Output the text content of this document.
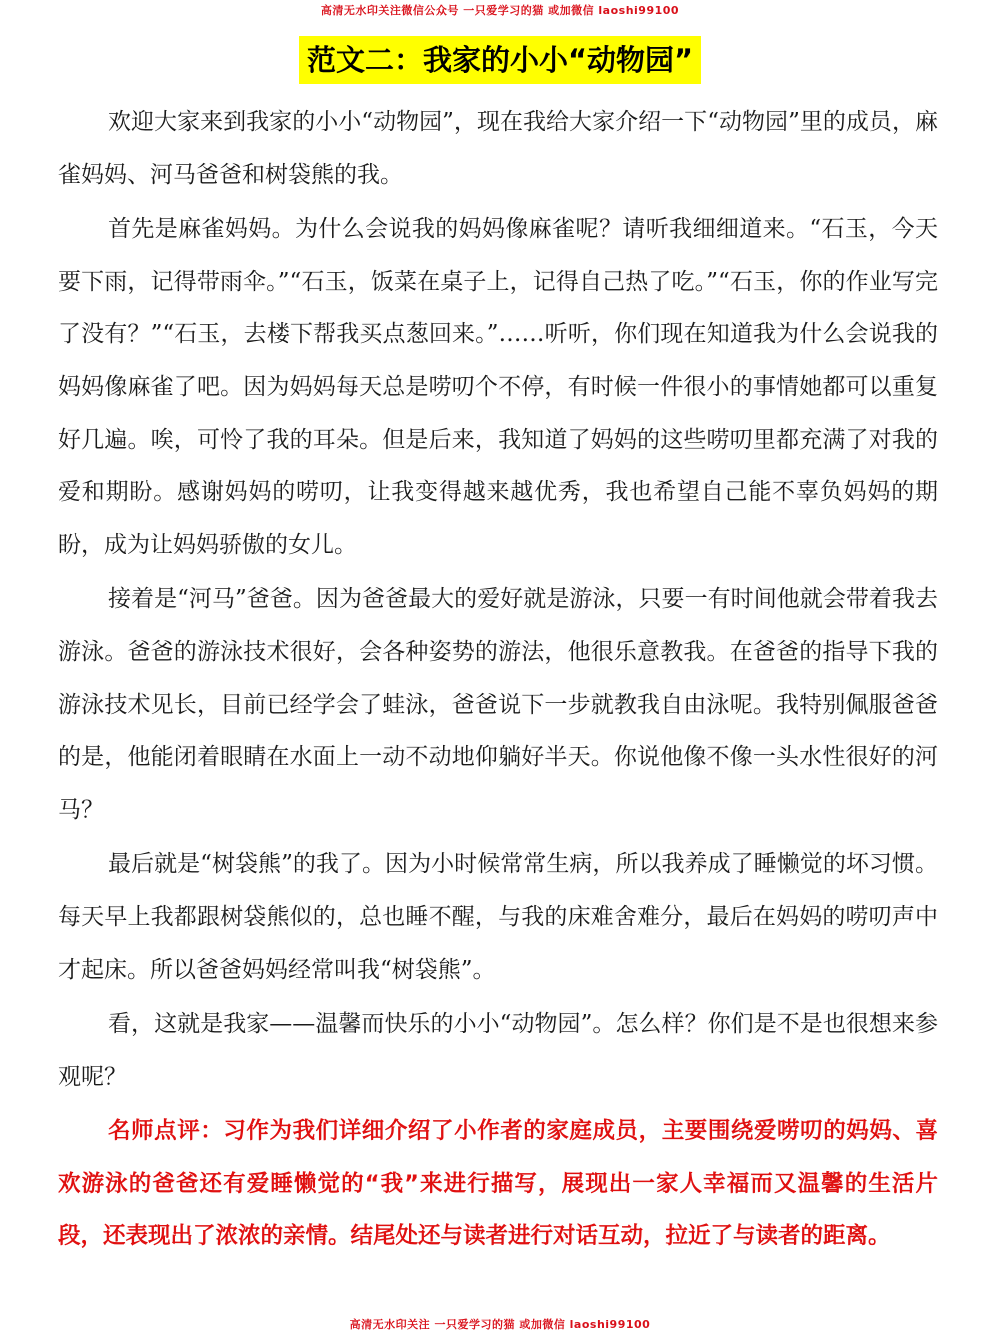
高清无水印关注微信公众号 一只爱学习的猫 或加微信 laoshi99100
范文二：我家的小小“动物园”

欢迎大家来到我家的小小“动物园”，现在我给大家介绍一下“动物园”里的成员，麻雀妈妈、河马爸爸和树袋熊的我。

首先是麻雀妈妈。为什么会说我的妈妈像麻雀呢？请听我细细道来。“石玉，今天要下雨，记得带雨伞。”“石玉，饭菜在桌子上，记得自己热了吃。”“石玉，你的作业写完了没有？”“石玉，去楼下帮我买点葱回来。”……听听，你们现在知道我为什么会说我的妈妈像麻雀了吧。因为妈妈每天总是唠叨个不停，有时候一件很小的事情她都可以重复好几遍。唉，可怜了我的耳朵。但是后来，我知道了妈妈的这些唠叨里都充满了对我的爱和期盼。感谢妈妈的唠叨，让我变得越来越优秀，我也希望自己能不辜负妈妈的期盼，成为让妈妈骄傲的女儿。

接着是“河马”爸爸。因为爸爸最大的爱好就是游泳，只要一有时间他就会带着我去游泳。爸爸的游泳技术很好，会各种姿势的游法，他很乐意教我。在爸爸的指导下我的游泳技术见长，目前已经学会了蛙泳，爸爸说下一步就教我自由泳呢。我特别佩服爸爸的是，他能闭着眼睛在水面上一动不动地仰躺好半天。你说他像不像一头水性很好的河马？

最后就是“树袋熊”的我了。因为小时候常常生病，所以我养成了睡懒觉的坏习惯。每天早上我都跟树袋熊似的，总也睡不醒，与我的床难舍难分，最后在妈妈的唠叨声中才起床。所以爸爸妈妈经常叫我“树袋熊”。

看，这就是我家——温馨而快乐的小小“动物园”。怎么样？你们是不是也很想来参观呢？

名师点评：习作为我们详细介绍了小作者的家庭成员，主要围绕爱唠叨的妈妈、喜欢游泳的爸爸还有爱睡懒觉的“我”来进行描写，展现出一家人幸福而又温馨的生活片段，还表现出了浓浓的亲情。结尾处还与读者进行对话互动，拉近了与读者的距离。

高清无水印关注 一只爱学习的猫 或加微信 laoshi99100
